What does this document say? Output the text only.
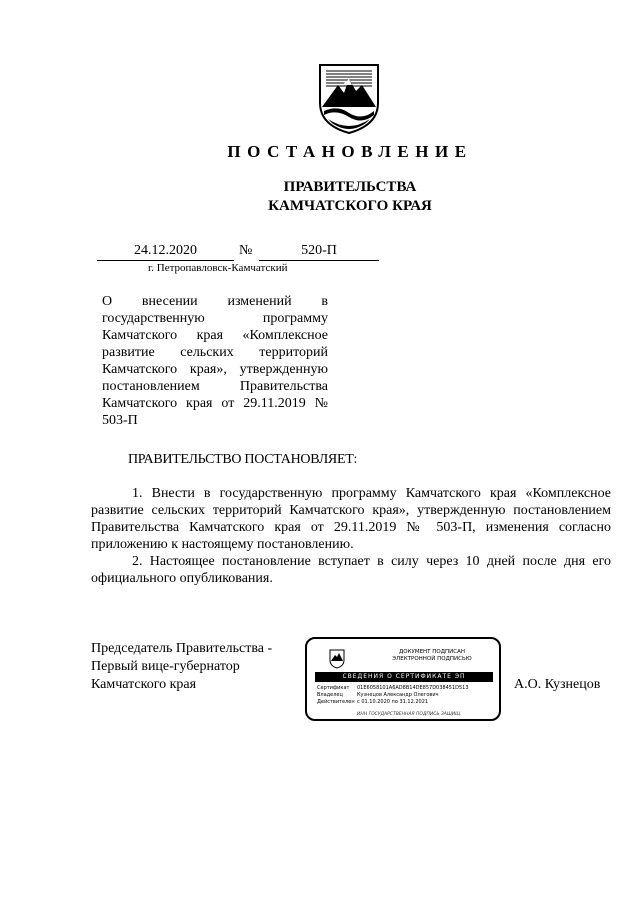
ПОСТАНОВЛЕНИЕ
ПРАВИТЕЛЬСТВА
КАМЧАТСКОГО КРАЯ
24.12.2020	№	520-П
г. Петропавловск-Камчатский
О внесении изменений в государственную программу Камчатского края «Комплексное развитие сельских территорий Камчатского края», утвержденную постановлением Правительства Камчатского края от 29.11.2019 № 503-П
ПРАВИТЕЛЬСТВО ПОСТАНОВЛЯЕТ:

1. Внести в государственную программу Камчатского края «Комплексное развитие сельских территорий Камчатского края», утвержденную постановлением Правительства Камчатского края от 29.11.2019 № 503-П, изменения согласно приложению к настоящему постановлению.

2. Настоящее постановление вступает в силу через 10 дней после дня его официального опубликования.

Председатель Правительства -
Первый вице-губернатор
Камчатского края
ДОКУМЕНТ ПОДПИСАН
ЭЛЕКТРОННОЙ ПОДПИСЬЮ
СВЕДЕНИЯ О СЕРТИФИКАТЕ ЭП
Сертификат 01E6058101A6AD8B14DE857D038451D513
Владелец	Кузнецов Александр Олегович
Действителен с 01.10.2020 по 31.12.2021
ИНН ГОСУДАРСТВЕННАЯ ПОДПИСЬ ЗАЩИЩ.
А.О. Кузнецов
